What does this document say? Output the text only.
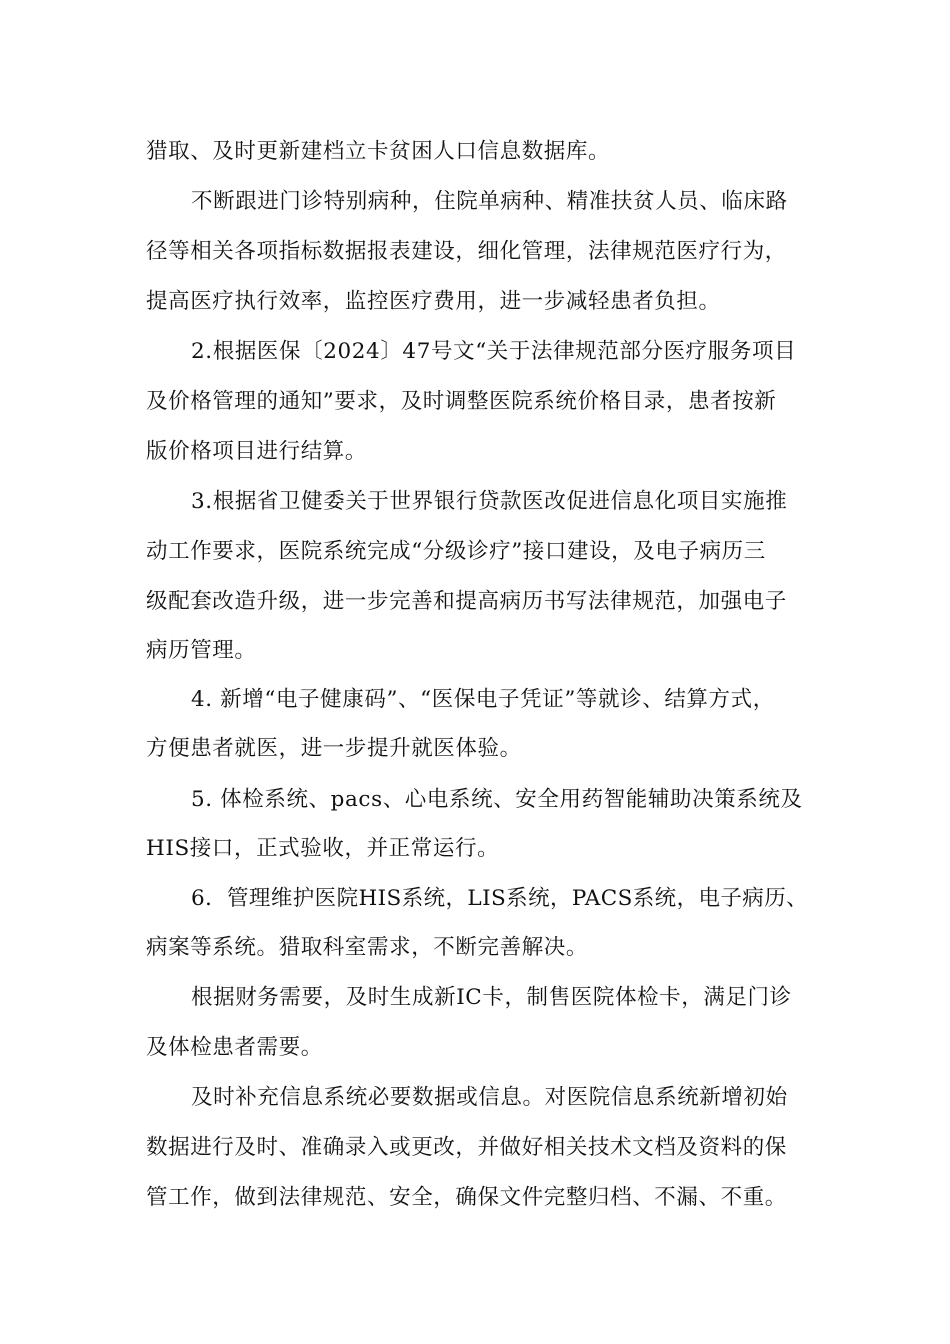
猎取、及时更新建档立卡贫困人口信息数据库。
不断跟进门诊特别病种，住院单病种、精准扶贫人员、临床路
径等相关各项指标数据报表建设，细化管理，法律规范医疗行为，
提高医疗执行效率，监控医疗费用，进一步减轻患者负担。
2.根据医保〔2024〕47号文“关于法律规范部分医疗服务项目
及价格管理的通知”要求，及时调整医院系统价格目录，患者按新
版价格项目进行结算。
3.根据省卫健委关于世界银行贷款医改促进信息化项目实施推
动工作要求，医院系统完成“分级诊疗”接口建设，及电子病历三
级配套改造升级，进一步完善和提高病历书写法律规范，加强电子
病历管理。
4. 新增“电子健康码”、“医保电子凭证”等就诊、结算方式，
方便患者就医，进一步提升就医体验。
5. 体检系统、pacs、心电系统、安全用药智能辅助决策系统及
HIS接口，正式验收，并正常运行。
6．管理维护医院HIS系统，LIS系统，PACS系统，电子病历、
病案等系统。猎取科室需求，不断完善解决。
根据财务需要，及时生成新IC卡，制售医院体检卡，满足门诊
及体检患者需要。
及时补充信息系统必要数据或信息。对医院信息系统新增初始
数据进行及时、准确录入或更改，并做好相关技术文档及资料的保
管工作，做到法律规范、安全，确保文件完整归档、不漏、不重。
